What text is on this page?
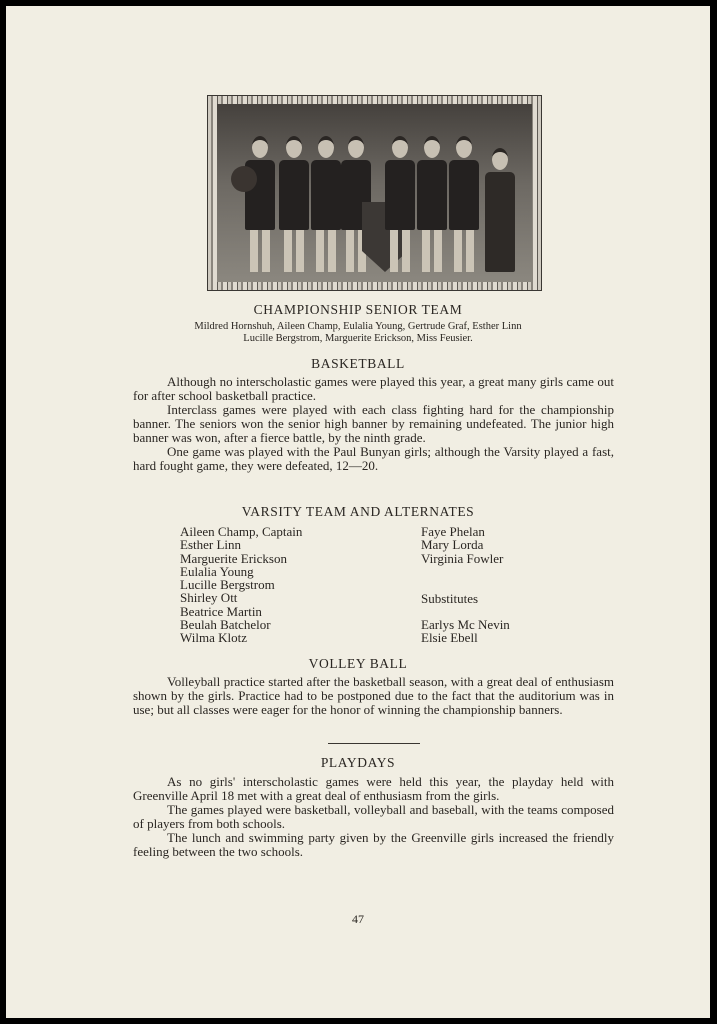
CHAMPIONSHIP SENIOR TEAM
Mildred Hornshuh, Aileen Champ, Eulalia Young, Gertrude Graf, Esther Linn
Lucille Bergstrom, Marguerite Erickson, Miss Feusier.
BASKETBALL
Although no interscholastic games were played this year, a great many girls came out for after school basketball practice.
Interclass games were played with each class fighting hard for the championship banner. The seniors won the senior high banner by remaining undefeated. The junior high banner was won, after a fierce battle, by the ninth grade.
One game was played with the Paul Bunyan girls; although the Varsity played a fast, hard fought game, they were defeated, 12—20.
VARSITY TEAM AND ALTERNATES
Aileen Champ, Captain
Esther Linn
Marguerite Erickson
Eulalia Young
Lucille Bergstrom
Shirley Ott
Beatrice Martin
Beulah Batchelor
Wilma Klotz
Faye Phelan
Mary Lorda
Virginia Fowler
Substitutes
Earlys Mc Nevin
Elsie Ebell
VOLLEY BALL
Volleyball practice started after the basketball season, with a great deal of enthusiasm shown by the girls. Practice had to be postponed due to the fact that the auditorium was in use; but all classes were eager for the honor of winning the championship banners.
PLAYDAYS
As no girls' interscholastic games were held this year, the playday held with Greenville April 18 met with a great deal of enthusiasm from the girls.
The games played were basketball, volleyball and baseball, with the teams composed of players from both schools.
The lunch and swimming party given by the Greenville girls increased the friendly feeling between the two schools.
47
